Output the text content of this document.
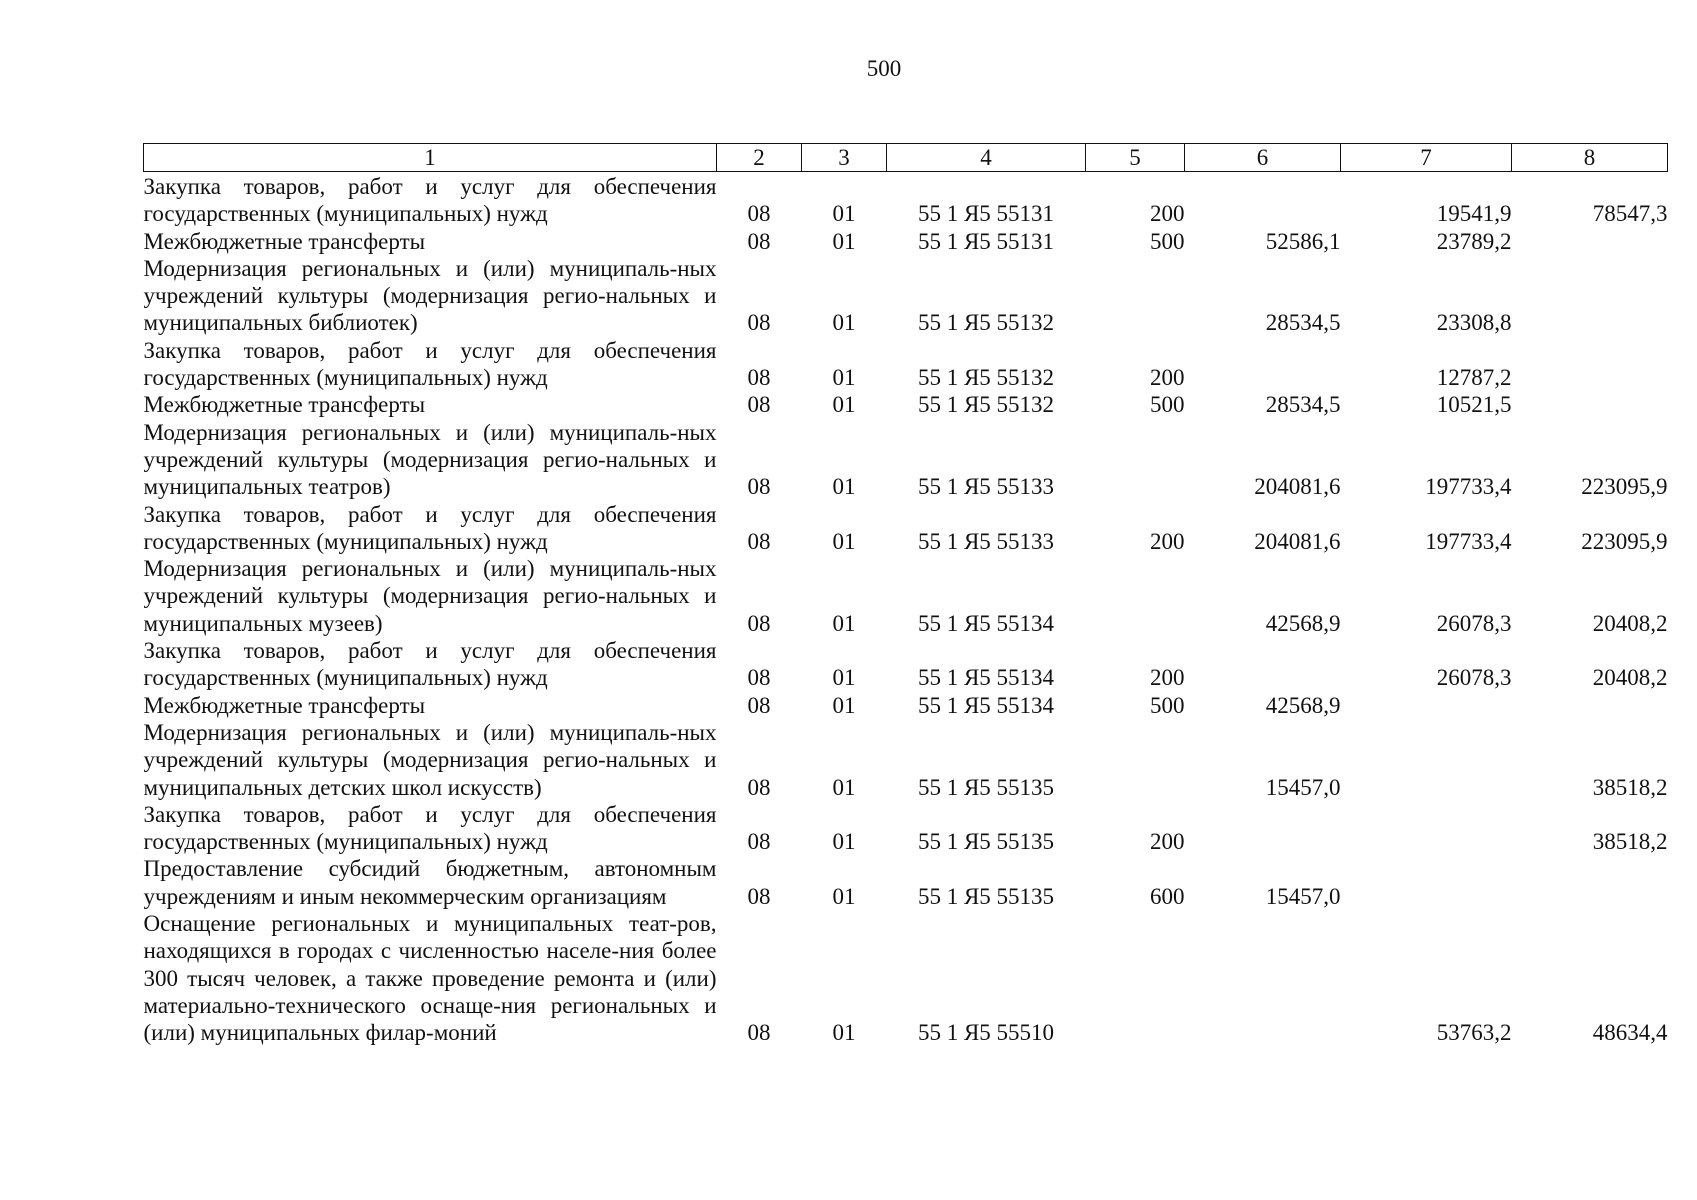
500
1	2	3	4	5	6	7	8
Закупка товаров, работ и услуг для обеспечения государственных (муниципальных) нужд	08	01	55 1 Я5 55131	200		19541,9	78547,3
Межбюджетные трансферты	08	01	55 1 Я5 55131	500	52586,1	23789,2	
Модернизация региональных и (или) муниципаль-ных учреждений культуры (модернизация регио-нальных и муниципальных библиотек)	08	01	55 1 Я5 55132		28534,5	23308,8	
Закупка товаров, работ и услуг для обеспечения государственных (муниципальных) нужд	08	01	55 1 Я5 55132	200		12787,2	
Межбюджетные трансферты	08	01	55 1 Я5 55132	500	28534,5	10521,5	
Модернизация региональных и (или) муниципаль-ных учреждений культуры (модернизация регио-нальных и муниципальных театров)	08	01	55 1 Я5 55133		204081,6	197733,4	223095,9
Закупка товаров, работ и услуг для обеспечения государственных (муниципальных) нужд	08	01	55 1 Я5 55133	200	204081,6	197733,4	223095,9
Модернизация региональных и (или) муниципаль-ных учреждений культуры (модернизация регио-нальных и муниципальных музеев)	08	01	55 1 Я5 55134		42568,9	26078,3	20408,2
Закупка товаров, работ и услуг для обеспечения государственных (муниципальных) нужд	08	01	55 1 Я5 55134	200		26078,3	20408,2
Межбюджетные трансферты	08	01	55 1 Я5 55134	500	42568,9		
Модернизация региональных и (или) муниципаль-ных учреждений культуры (модернизация регио-нальных и муниципальных детских школ искусств)	08	01	55 1 Я5 55135		15457,0		38518,2
Закупка товаров, работ и услуг для обеспечения государственных (муниципальных) нужд	08	01	55 1 Я5 55135	200			38518,2
Предоставление субсидий бюджетным, автономным учреждениям и иным некоммерческим организациям	08	01	55 1 Я5 55135	600	15457,0		
Оснащение региональных и муниципальных теат-ров, находящихся в городах с численностью населе-ния более 300 тысяч человек, а также проведение ремонта и (или) материально-технического оснаще-ния региональных и (или) муниципальных филар-моний	08	01	55 1 Я5 55510			53763,2	48634,4
